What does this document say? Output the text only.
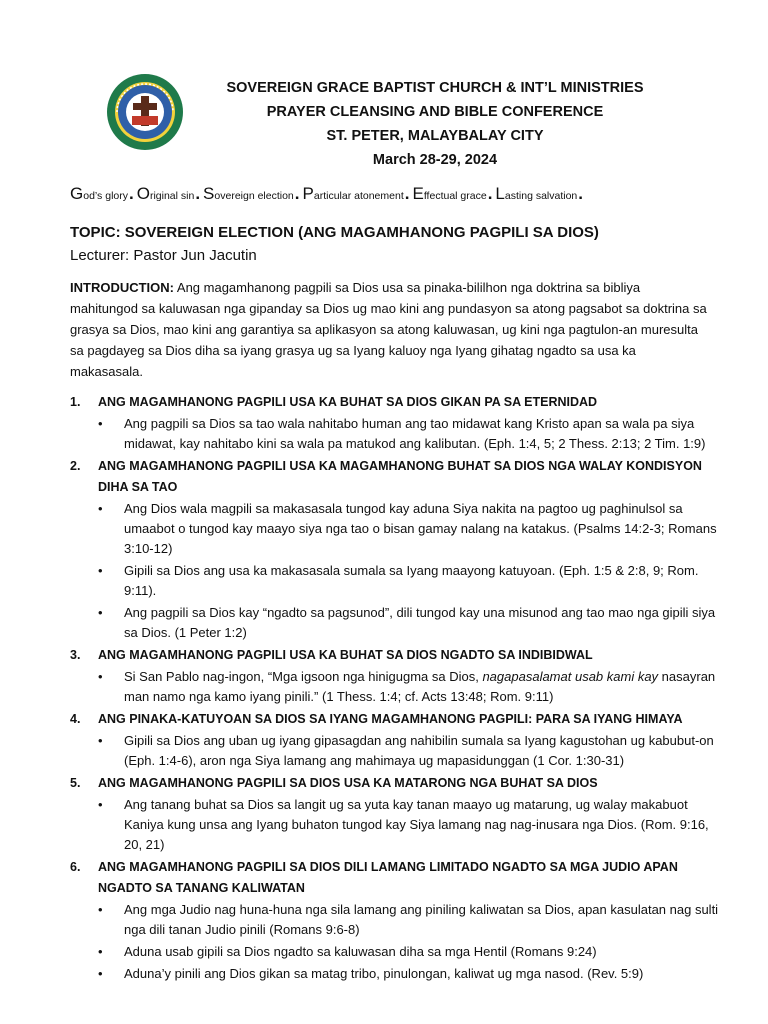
SOVEREIGN GRACE BAPTIST CHURCH & INT’L MINISTRIES
PRAYER CLEANSING AND BIBLE CONFERENCE
ST. PETER, MALAYBALAY CITY
March 28-29, 2024
God’s glory. Original sin. Sovereign election. Particular atonement. Effectual grace. Lasting salvation.
TOPIC: SOVEREIGN ELECTION (ANG MAGAMHANONG PAGPILI SA DIOS)
Lecturer: Pastor Jun Jacutin
INTRODUCTION: Ang magamhanong pagpili sa Dios usa sa pinaka-bililhon nga doktrina sa bibliya mahitungod sa kaluwasan nga gipanday sa Dios ug mao kini ang pundasyon sa atong pagsabot sa doktrina sa grasya sa Dios, mao kini ang garantiya sa aplikasyon sa atong kaluwasan, ug kini nga pagtulon-an muresulta sa pagdayeg sa Dios diha sa iyang grasya ug sa Iyang kaluoy nga Iyang gihatag ngadto sa usa ka makasasala.
1.	ANG MAGAMHANONG PAGPILI USA KA BUHAT SA DIOS GIKAN PA SA ETERNIDAD
•	Ang pagpili sa Dios sa tao wala nahitabo human ang tao midawat kang Kristo apan sa wala pa siya midawat, kay nahitabo kini sa wala pa matukod ang kalibutan. (Eph. 1:4, 5; 2 Thess. 2:13; 2 Tim. 1:9)
2.	ANG MAGAMHANONG PAGPILI USA KA MAGAMHANONG BUHAT SA DIOS NGA WALAY KONDISYON DIHA SA TAO
•	Ang Dios wala magpili sa makasasala tungod kay aduna Siya nakita na pagtoo ug paghinulsol sa umaabot o tungod kay maayo siya nga tao o bisan gamay nalang na katakus. (Psalms 14:2-3; Romans 3:10-12)
•	Gipili sa Dios ang usa ka makasasala sumala sa Iyang maayong katuyoan. (Eph. 1:5 & 2:8, 9; Rom. 9:11).
•	Ang pagpili sa Dios kay “ngadto sa pagsunod”, dili tungod kay una misunod ang tao mao nga gipili siya sa Dios. (1 Peter 1:2)
3.	ANG MAGAMHANONG PAGPILI USA KA BUHAT SA DIOS NGADTO SA INDIBIDWAL
•	Si San Pablo nag-ingon, “Mga igsoon nga hinigugma sa Dios, nagapasalamat usab kami kay nasayran man namo nga kamo iyang pinili.” (1 Thess. 1:4; cf. Acts 13:48; Rom. 9:11)
4.	ANG PINAKA-KATUYOAN SA DIOS SA IYANG MAGAMHANONG PAGPILI: PARA SA IYANG HIMAYA
•	Gipili sa Dios ang uban ug iyang gipasagdan ang nahibilin sumala sa Iyang kagustohan ug kabubut-on (Eph. 1:4-6), aron nga Siya lamang ang mahimaya ug mapasidunggan (1 Cor. 1:30-31)
5.	ANG MAGAMHANONG PAGPILI SA DIOS USA KA MATARONG NGA BUHAT SA DIOS
•	Ang tanang buhat sa Dios sa langit ug sa yuta kay tanan maayo ug matarung, ug walay makabuot Kaniya kung unsa ang Iyang buhaton tungod kay Siya lamang nag nag-inusara nga Dios. (Rom. 9:16, 20, 21)
6.	ANG MAGAMHANONG PAGPILI SA DIOS DILI LAMANG LIMITADO NGADTO SA MGA JUDIO APAN NGADTO SA TANANG KALIWATAN
•	Ang mga Judio nag huna-huna nga sila lamang ang piniling kaliwatan sa Dios, apan kasulatan nag sulti nga dili tanan Judio pinili (Romans 9:6-8)
•	Aduna usab gipili sa Dios ngadto sa kaluwasan diha sa mga Hentil (Romans 9:24)
•	Aduna’y pinili ang Dios gikan sa matag tribo, pinulongan, kaliwat ug mga nasod. (Rev. 5:9)
